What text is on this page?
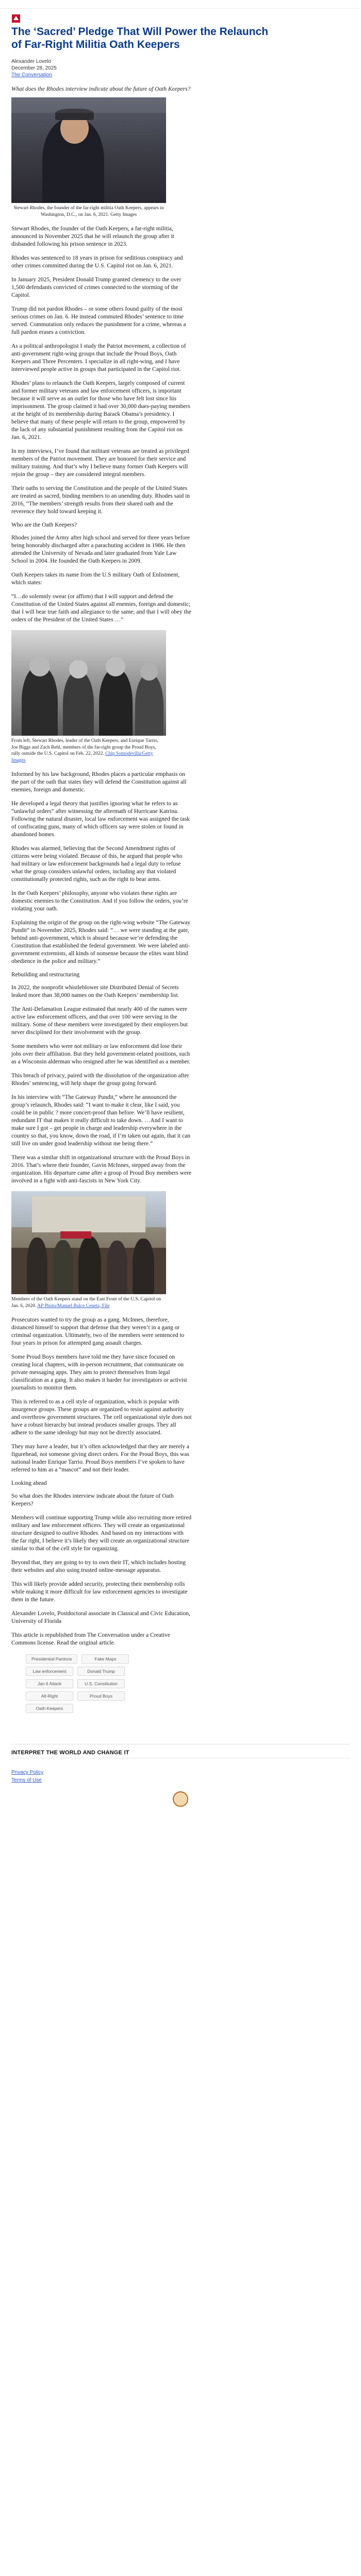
The ‘Sacred’ Pledge That Will Power the Relaunch of Far-Right Militia Oath Keepers
Alexander Lovelo
December 28, 2025
The Conversation
What does the Rhodes interview indicate about the future of Oath Keepers?
Stewart Rhodes, the founder of the far-right militia Oath Keepers, appears in Washington, D.C., on Jan. 6, 2021. Getty Images

Stewart Rhodes, the founder of the Oath Keepers, a far-right militia, announced in November 2025 that he will relaunch the group after it disbanded following his prison sentence in 2023.

Rhodes was sentenced to 18 years in prison for seditious conspiracy and other crimes committed during the U.S. Capitol riot on Jan. 6, 2021.

In January 2025, President Donald Trump granted clemency to the over 1,500 defendants convicted of crimes connected to the storming of the Capitol.

Trump did not pardon Rhodes – or some others found guilty of the most serious crimes on Jan. 6. He instead commuted Rhodes’ sentence to time served. Commutation only reduces the punishment for a crime, whereas a full pardon erases a conviction.

As a political anthropologist I study the Patriot movement, a collection of anti-government right-wing groups that include the Proud Boys, Oath Keepers and Three Percenters. I specialize in all right-wing, and I have interviewed people active in groups that participated in the Capitol riot.

Rhodes’ plans to relaunch the Oath Keepers, largely composed of current and former military veterans and law enforcement officers, is important because it will serve as an outlet for those who have felt lost since his imprisonment. The group claimed it had over 30,000 dues-paying members at the height of its membership during Barack Obama’s presidency. I believe that many of these people will return to the group, empowered by the lack of any substantial punishment resulting from the Capitol riot on Jan. 6, 2021.

In my interviews, I’ve found that militant veterans are treated as privileged members of the Patriot movement. They are honored for their service and military training. And that’s why I believe many former Oath Keepers will rejoin the group – they are considered integral members.

Their oaths to serving the Constitution and the people of the United States are treated as sacred, binding members to an unending duty. Rhodes said in 2016, “The members’ strength results from their shared oath and the reverence they hold toward keeping it.

Who are the Oath Keepers?

Rhodes joined the Army after high school and served for three years before being honorably discharged after a parachuting accident in 1986. He then attended the University of Nevada and later graduated from Yale Law School in 2004. He founded the Oath Keepers in 2009.

Oath Keepers takes its name from the U.S military Oath of Enlistment, which states:

“I…do solemnly swear (or affirm) that I will support and defend the Constitution of the United States against all enemies, foreign and domestic; that I will bear true faith and allegiance to the same; and that I will obey the orders of the President of the United States …”

From left, Stewart Rhodes, leader of the Oath Keepers, and Enrique Tarrio, Joe Biggs and Zach Rehl, members of the far-right group the Proud Boys, rally outside the U.S. Capitol on Feb. 22, 2022. Chip Somodevilla/Getty Images

Informed by his law background, Rhodes places a particular emphasis on the part of the oath that states they will defend the Constitution against all enemies, foreign and domestic.

He developed a legal theory that justifies ignoring what he refers to as “unlawful orders” after witnessing the aftermath of Hurricane Katrina. Following the natural disaster, local law enforcement was assigned the task of confiscating guns, many of which officers say were stolen or found in abandoned homes.

Rhodes was alarmed, believing that the Second Amendment rights of citizens were being violated. Because of this, he argued that people who had military or law enforcement backgrounds had a legal duty to refuse what the group considers unlawful orders, including any that violated constitutionally protected rights, such as the right to bear arms.

In the Oath Keepers’ philosophy, anyone who violates these rights are domestic enemies to the Constitution. And if you follow the orders, you’re violating your oath.

Explaining the origin of the group on the right-wing website “The Gateway Pundit” in November 2025, Rhodes said: “… we were standing at the gate, behind anti-government, which is absurd because we’re defending the Constitution that established the federal government. We were labeled anti-government extremists, all kinds of nonsense because the elites want blind obedience in the police and military.”

Rebuilding and restructuring

In 2022, the nonprofit whistleblower site Distributed Denial of Secrets leaked more than 38,000 names on the Oath Keepers’ membership list.

The Anti-Defamation League estimated that nearly 400 of the names were active law enforcement officers, and that over 100 were serving in the military. Some of these members were investigated by their employers but never disciplined for their involvement with the group.

Some members who were not military or law enforcement did lose their jobs over their affiliation. But they held government-related positions, such as a Wisconsin alderman who resigned after he was identified as a member.

This breach of privacy, paired with the dissolution of the organization after Rhodes’ sentencing, will help shape the group going forward.

In his interview with “The Gateway Pundit,” where he announced the group’s relaunch, Rhodes said: “I want to make it clear, like I said, you could be in public ? more concert-proof than before. We’ll have resilient, redundant IT that makes it really difficult to take down. …And I want to make sure I got – get people in charge and leadership everywhere in the country so that, you know, down the road, if I’m taken out again, that it can still live on under good leadership without me being there.”

There was a similar shift in organizational structure with the Proud Boys in 2016. That’s where their founder, Gavin McInnes, stepped away from the organization. His departure came after a group of Proud Boy members were involved in a fight with anti-fascists in New York City.

Members of the Oath Keepers stand on the East Front of the U.S. Capitol on Jan. 6, 2020. AP Photo/Manuel Balce Ceneta, File

Prosecutors wanted to try the group as a gang. McInnes, therefore, distanced himself to support that defense that they weren’t in a gang or criminal organization. Ultimately, two of the members were sentenced to four years in prison for attempted gang assault charges.

Some Proud Boys members have told me they have since focused on creating local chapters, with in-person recruitment, that communicate on private messaging apps. They aim to protect themselves from legal classification as a gang. It also makes it harder for investigators or activist journalists to monitor them.

This is referred to as a cell style of organization, which is popular with insurgence groups. These groups are organized to resist against authority and overthrow government structures. The cell organizational style does not have a robust hierarchy but instead produces smaller groups. They all adhere to the same ideology but may not be directly associated.

They may have a leader, but it’s often acknowledged that they are merely a figurehead, not someone giving direct orders. For the Proud Boys, this was national leader Enrique Tarrio. Proud Boys members I’ve spoken to have referred to him as a “mascot” and not their leader.

Looking ahead

So what does the Rhodes interview indicate about the future of Oath Keepers?

Members will continue supporting Trump while also recruiting more retired military and law enforcement officers. They will create an organizational structure designed to outlive Rhodes. And based on my interactions with the far right, I believe it’s likely they will create an organizational structure similar to that of the cell style for organizing.

Beyond that, they are going to try to own their IT, which includes hosting their websites and also using trusted online-message apparatus.

This will likely provide added security, protecting their membership rolls while making it more difficult for law enforcement agencies to investigate them in the future.

Alexander Lovelo, Postdoctoral associate in Classical and Civic Education, University of Florida

This article is republished from The Conversation under a Creative Commons license. Read the original article.

Presidential Pardons	Fake Maps
Law enforcement	Donald Trump
Jan 6 Attack	U.S. Constitution
Alt-Right	Proud Boys
Oath Keepers
INTERPRET THE WORLD AND CHANGE IT
Privacy Policy
Terms of Use
